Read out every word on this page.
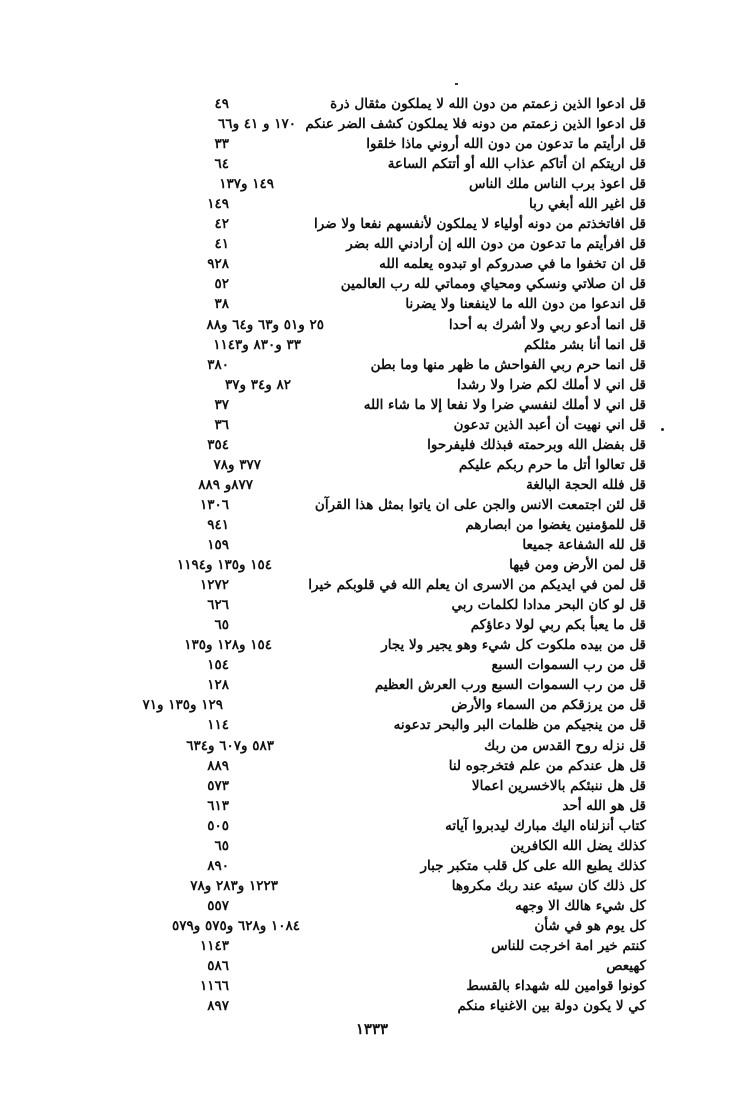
قل ادعوا الذين زعمتم من دون الله لا يملكون مثقال ذرة
٤٩
قل ادعوا الذين زعمتم من دونه فلا يملكون كشف الضر عنكم
١٧٠ و ٤١ و٦٦
قل ارأيتم ما تدعون من دون الله أروني ماذا خلقوا
٣٣
قل اريتكم ان أتاكم عذاب الله أو أتتكم الساعة
٦٤
قل اعوذ برب الناس ملك الناس
١٤٩ و١٣٧
قل اغير الله أبغي ربا
١٤٩
قل افاتخذتم من دونه أولياء لا يملكون لأنفسهم نفعا ولا ضرا
٤٢
قل افرأيتم ما تدعون من دون الله إن أرادني الله بضر
٤١
قل ان تخفوا ما في صدروكم او تبدوه يعلمه الله
٩٢٨
قل ان صلاتي ونسكي ومحياي ومماتي لله رب العالمين
٥٢
قل اندعوا من دون الله ما لاينفعنا ولا يضرنا
٣٨
قل انما أدعو ربي ولا أشرك به أحدا
٢٥ و٥١ و٦٣ و٦٤ و٨٨
قل انما أنا بشر مثلكم
٣٣ و٨٣٠ و١١٤٣
قل انما حرم ربي الفواحش ما ظهر منها وما بطن
٣٨٠
قل اني لا أملك لكم ضرا ولا رشدا
٨٢ و٣٤ و٣٧
قل اني لا أملك لنفسي ضرا ولا نفعا إلا ما شاء الله
٣٧
قل اني نهيت أن أعبد الذين تدعون
٣٦
قل بفضل الله وبرحمته فبذلك فليفرحوا
٣٥٤
قل تعالوا أتل ما حرم ربكم عليكم
٣٧٧ و٧٨
قل فلله الحجة البالغة
٨٧٧و ٨٨٩
قل لئن اجتمعت الانس والجن على ان ياتوا بمثل هذا القرآن
١٣٠٦
قل للمؤمنين يغضوا من ابصارهم
٩٤١
قل لله الشفاعة جميعا
١٥٩
قل لمن الأرض ومن فيها
١٥٤ و١٣٥ و١١٩٤
قل لمن في ايديكم من الاسرى ان يعلم الله في قلوبكم خيرا
١٢٧٢
قل لو كان البحر مدادا لكلمات ربي
٦٢٦
قل ما يعبأ بكم ربي لولا دعاؤكم
٦٥
قل من بيده ملكوت كل شيء وهو يجير ولا يجار
١٥٤ و١٢٨ و١٣٥
قل من رب السموات السبع
١٥٤
قل من رب السموات السبع ورب العرش العظيم
١٢٨
قل من يرزقكم من السماء والأرض
١٢٩ و١٣٥ و٧١
قل من ينجيكم من ظلمات البر والبحر تدعونه
١١٤
قل نزله روح القدس من ربك
٥٨٣ و٦٠٧ و٦٣٤
قل هل عندكم من علم فتخرجوه لنا
٨٨٩
قل هل ننبئكم بالاخسرين اعمالا
٥٧٣
قل هو الله أحد
٦١٣
كتاب أنزلناه اليك مبارك ليدبروا آياته
٥٠٥
كذلك يضل الله الكافرين
٦٥
كذلك يطبع الله على كل قلب متكبر جبار
٨٩٠
كل ذلك كان سيئه عند ربك مكروها
١٢٢٣ و٢٨٣ و٧٨
كل شيء هالك الا وجهه
٥٥٧
كل يوم هو في شأن
١٠٨٤ و٦٢٨ و٥٧٥ و٥٧٩
كنتم خير امة اخرجت للناس
١١٤٣
كهيعص
٥٨٦
كونوا قوامين لله شهداء بالقسط
١١٦٦
كي لا يكون دولة بين الاغنياء منكم
٨٩٧
١٣٣٣
